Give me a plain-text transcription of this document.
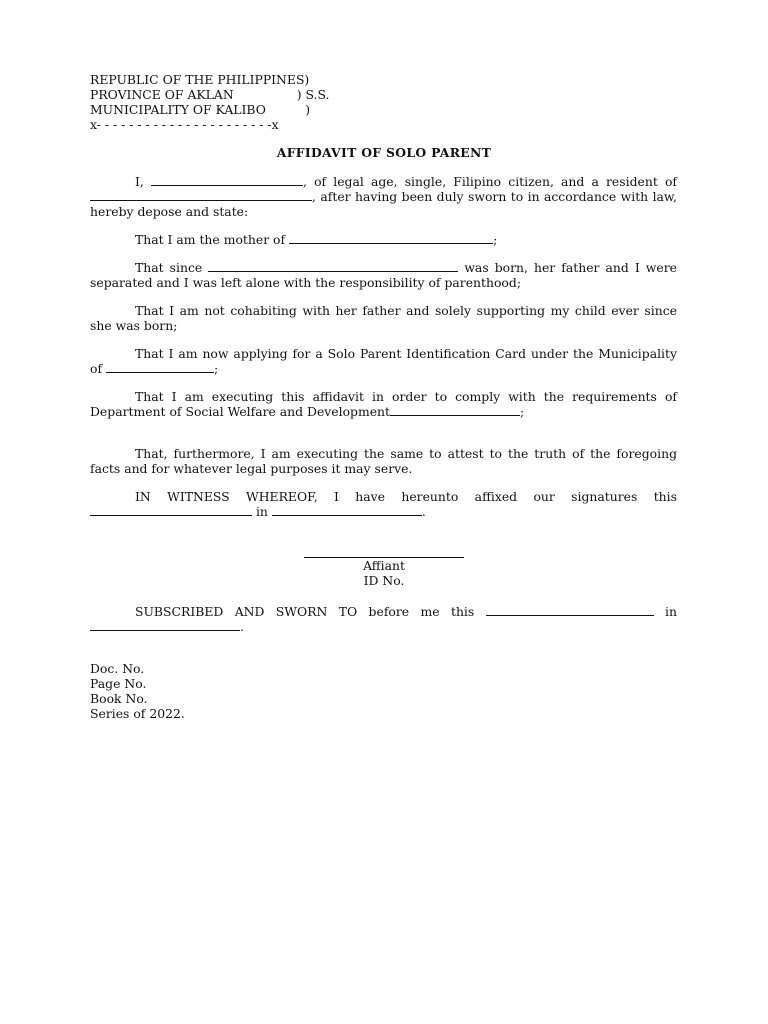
REPUBLIC OF THE PHILIPPINES)
PROVINCE OF AKLAN                ) S.S.
MUNICIPALITY OF KALIBO          )
x- - - - - - - - - - - - - - - - - - - - - -x
AFFIDAVIT OF SOLO PARENT
I,	, of legal age, single, Filipino citizen, and a resident of , after having been duly sworn to in accordance with law, hereby depose and state:
That I am the mother of	;
That since	was born, her father and I were separated and I was left alone with the responsibility of parenthood;
That I am not cohabiting with her father and solely supporting my child ever since she was born;
That I am now applying for a Solo Parent Identification Card under the Municipality of	;
That I am executing this affidavit in order to comply with the requirements of Department of Social Welfare and Development	;
That, furthermore, I am executing the same to attest to the truth of the foregoing facts and for whatever legal purposes it may serve.
IN WITNESS WHEREOF, I have hereunto affixed our signatures this  in	.
Affiant
ID No.
SUBSCRIBED AND SWORN TO before me this	in .
Doc. No.
Page No.
Book No.
Series of 2022.
